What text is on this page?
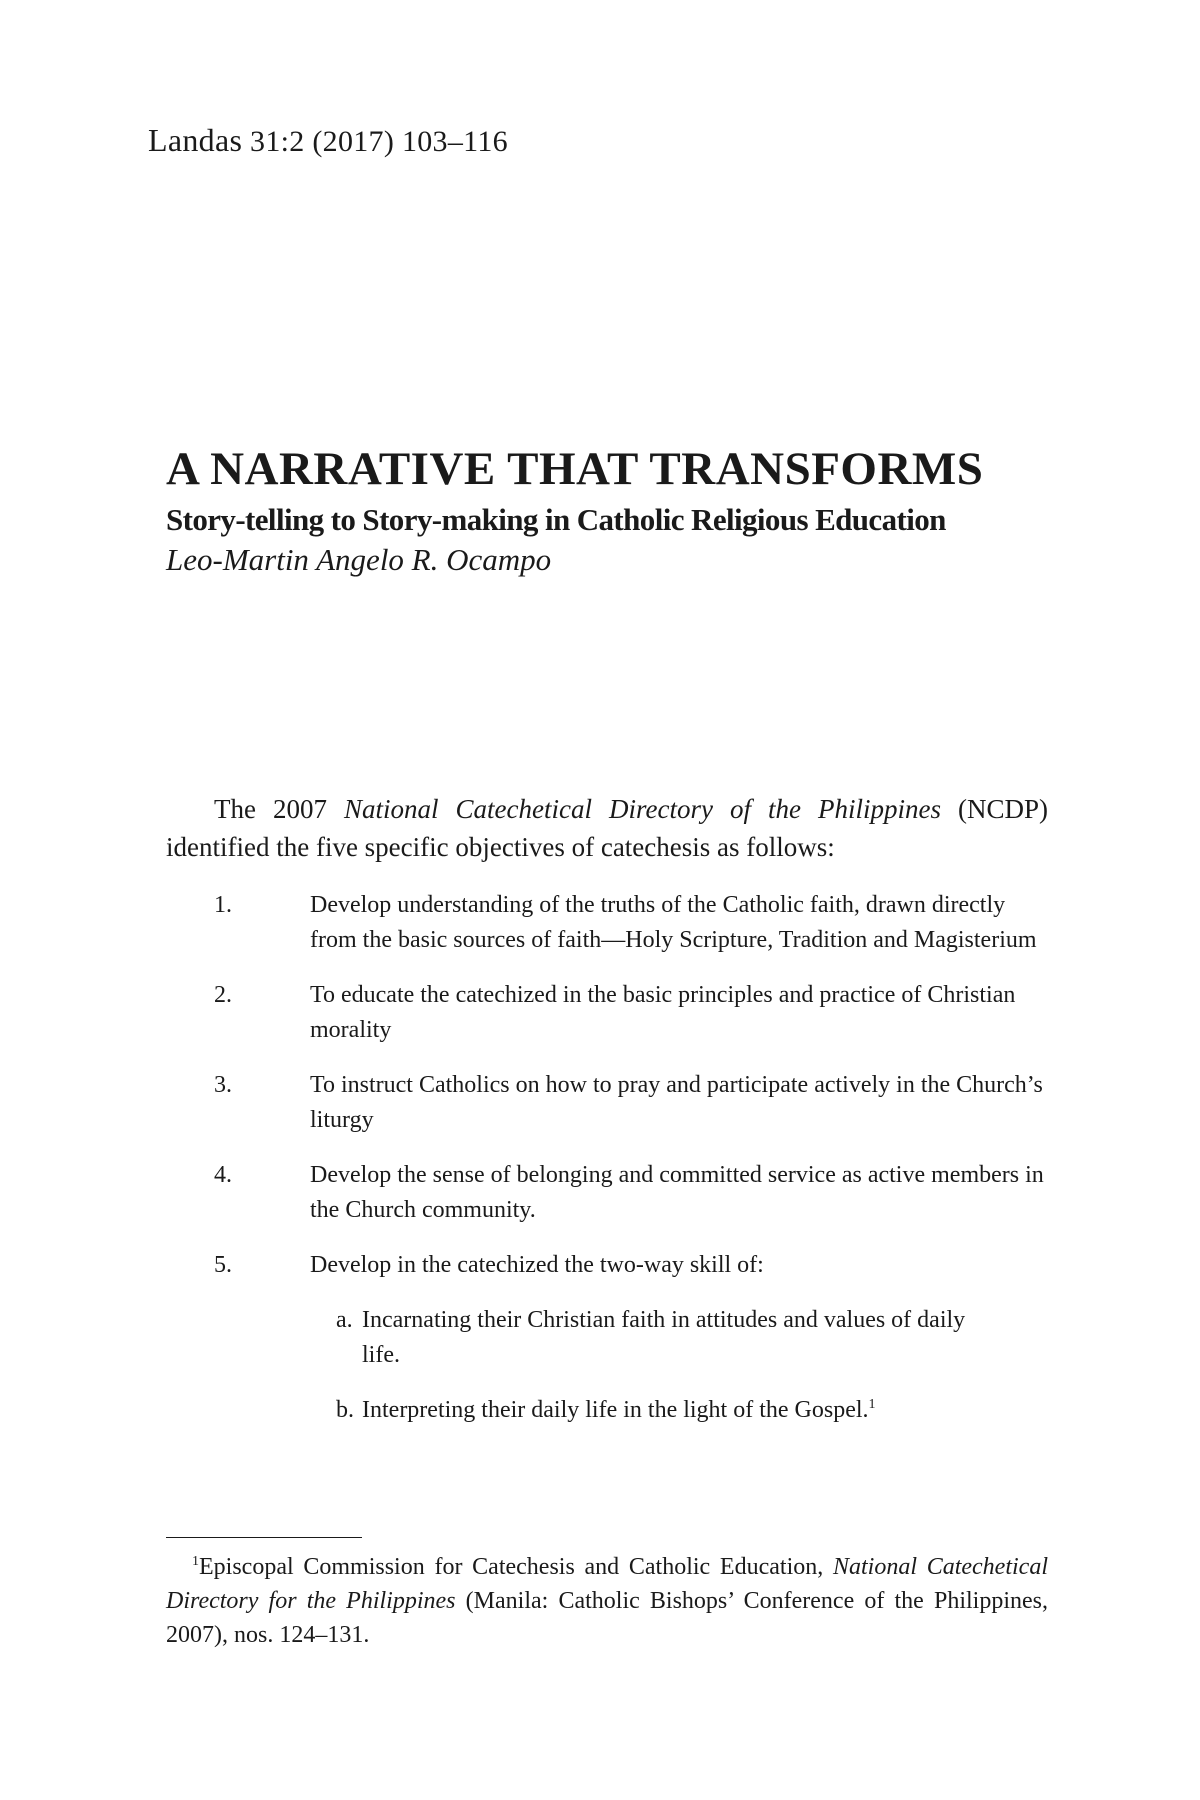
Landas 31:2 (2017) 103–116
A NARRATIVE THAT TRANSFORMS
Story-telling to Story-making in Catholic Religious Education

Leo-Martin Angelo R. Ocampo

The 2007 National Catechetical Directory of the Philippines (NCDP) identified the five specific objectives of catechesis as follows:

1.	Develop understanding of the truths of the Catholic faith, drawn directly from the basic sources of faith—Holy Scripture, Tradition and Magisterium
2.	To educate the catechized in the basic principles and practice of Christian morality
3.	To instruct Catholics on how to pray and participate actively in the Church’s liturgy
4.	Develop the sense of belonging and committed service as active members in the Church community.
5.	Develop in the catechized the two-way skill of:
a. Incarnating their Christian faith in attitudes and values of daily life.
b. Interpreting their daily life in the light of the Gospel.$^1$

$^1$Episcopal Commission for Catechesis and Catholic Education, National Catechetical Directory for the Philippines (Manila: Catholic Bishops’ Conference of the Philippines, 2007), nos. 124–131.
